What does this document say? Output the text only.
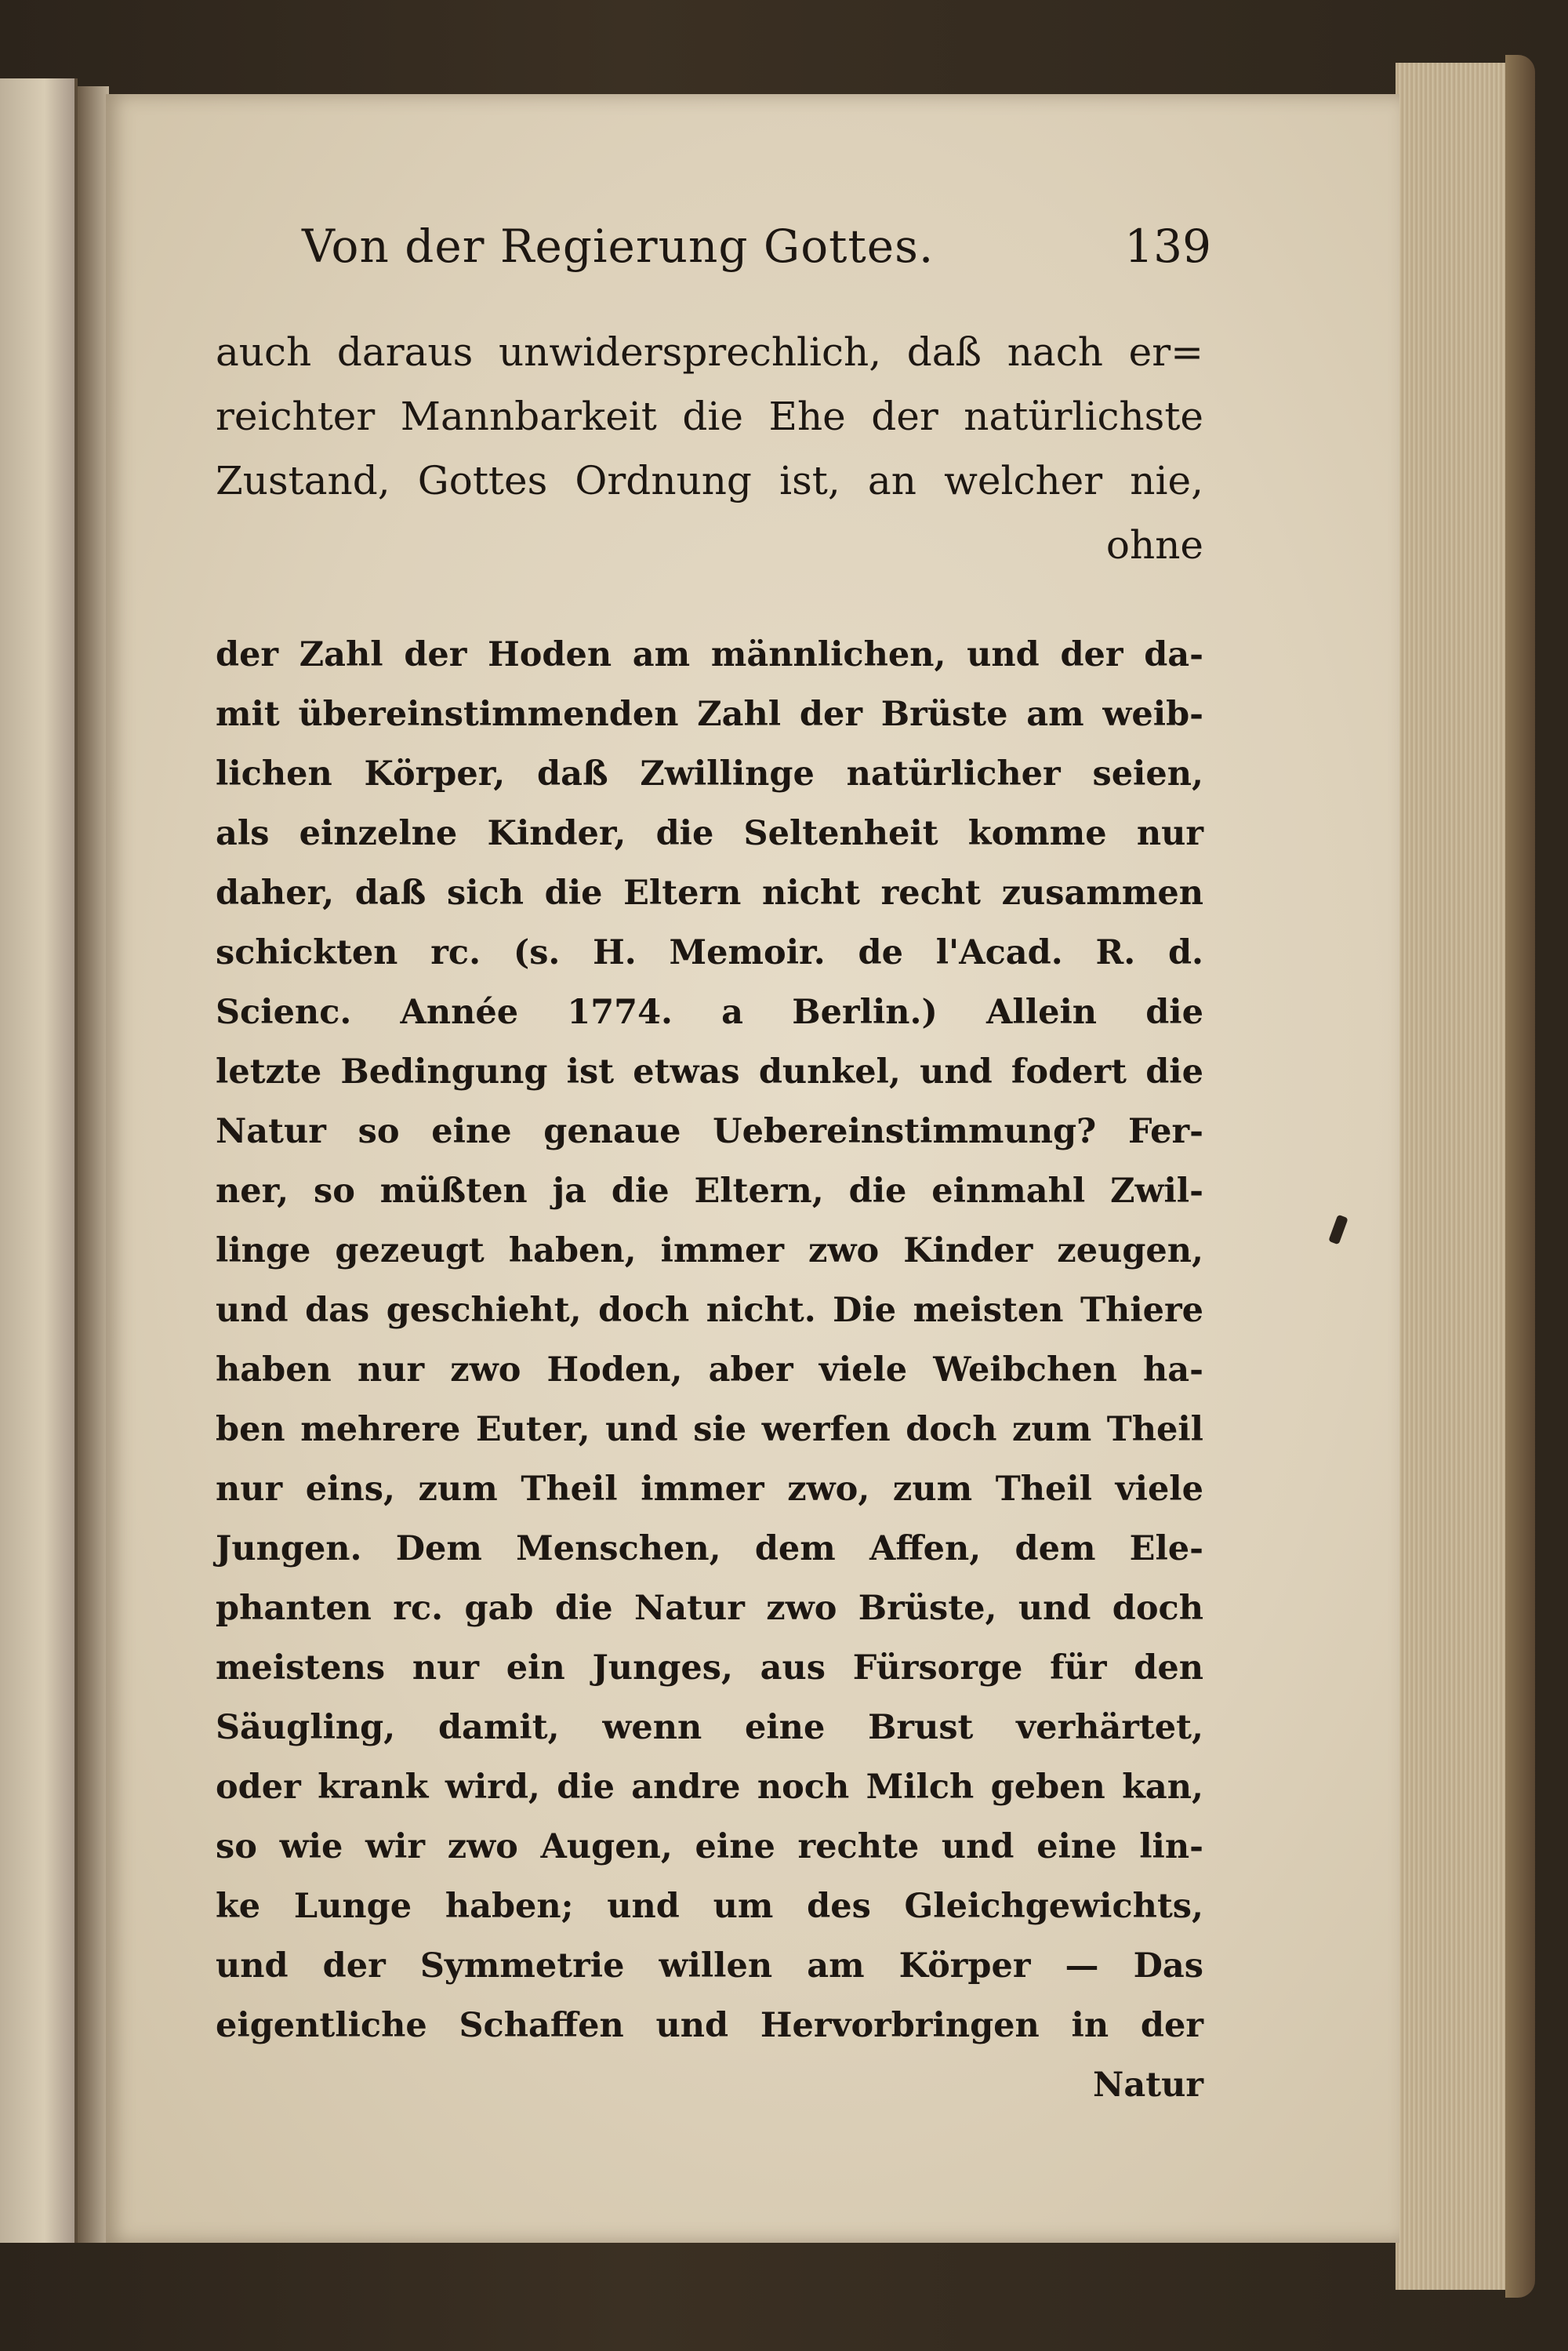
Von der Regierung Gottes.	139
auch daraus unwidersprechlich, daß nach er=
reichter Mannbarkeit die Ehe der natürlichste
Zustand, Gottes Ordnung ist, an welcher nie,
ohne
der Zahl der Hoden am männlichen, und der da-
mit übereinstimmenden Zahl der Brüste am weib-
lichen Körper, daß Zwillinge natürlicher seien,
als einzelne Kinder, die Seltenheit komme nur
daher, daß sich die Eltern nicht recht zusammen
schickten rc. (s. H. Memoir. de l'Acad. R. d.
Scienc. Année 1774. a Berlin.) Allein die
letzte Bedingung ist etwas dunkel, und fodert die
Natur so eine genaue Uebereinstimmung? Fer-
ner, so müßten ja die Eltern, die einmahl Zwil-
linge gezeugt haben, immer zwo Kinder zeugen,
und das geschieht, doch nicht. Die meisten Thiere
haben nur zwo Hoden, aber viele Weibchen ha-
ben mehrere Euter, und sie werfen doch zum Theil
nur eins, zum Theil immer zwo, zum Theil viele
Jungen. Dem Menschen, dem Affen, dem Ele-
phanten rc. gab die Natur zwo Brüste, und doch
meistens nur ein Junges, aus Fürsorge für den
Säugling, damit, wenn eine Brust verhärtet,
oder krank wird, die andre noch Milch geben kan,
so wie wir zwo Augen, eine rechte und eine lin-
ke Lunge haben; und um des Gleichgewichts,
und der Symmetrie willen am Körper — Das
eigentliche Schaffen und Hervorbringen in der
Natur
